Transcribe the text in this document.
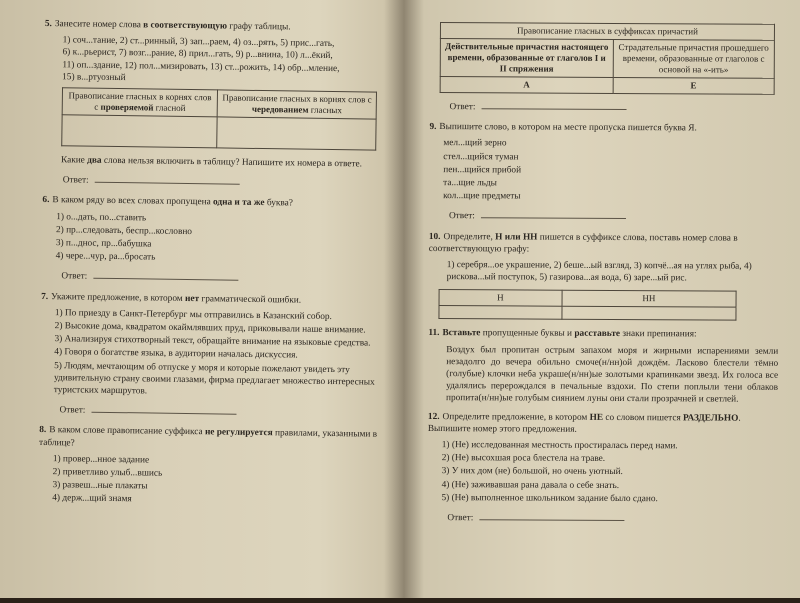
5. Занесите номер слова в соответствующую графу таблицы.
1) соч...тание, 2) ст...ринный, 3) зап...раем, 4) оз...рять, 5) прис...гать,
6) к...рьерист, 7) возг...рание, 8) прил...гать, 9) р...внина, 10) л...ёкий,
11) оп...здание, 12) пол...мизировать, 13) ст...рожить, 14) обр...мление,
15) в...ртуозный
Правописание гласных в корнях слов с проверяемой гласной	Правописание гласных в корнях слов с чередованием гласных

Какие два слова нельзя включить в таблицу? Напишите их номера в ответе.
Ответ:
6. В каком ряду во всех словах пропущена одна и та же буква?
1) о...дать, по...ставить
2) пр...следовать, беспр...кословно
3) п...днос, пр...бабушка
4) чере...чур, ра...бросать
Ответ:
7. Укажите предложение, в котором нет грамматической ошибки.
1) По приезду в Санкт-Петербург мы отправились в Казанский собор.
2) Высокие дома, квадратом окаймлявших пруд, приковывали наше внимание.
3) Анализируя стихотворный текст, обращайте внимание на языковые средства.
4) Говоря о богатстве языка, в аудитории началась дискуссия.
5) Людям, мечтающим об отпуске у моря и которые пожелают увидеть эту удивительную страну своими глазами, фирма предлагает множество интересных туристских маршрутов.
Ответ:
8. В каком слове правописание суффикса не регулируется правилами, указанными в таблице?
1) провер...нное задание
2) приветливо улыб...вшись
3) развеш...ные плакаты
4) держ...щий знамя
Правописание гласных в суффиксах причастий	
Действительные причастия настоящего времени, образованные от глаголов I и II спряжения	Страдательные причастия прошедшего времени, образованные от глаголов с основой на «-ить»
А	Е
Ответ:
9. Выпишите слово, в котором на месте пропуска пишется буква Я.
мел...щий зерно
стел...щийся туман
пен...щийся прибой
та...щие льды
кол...щие предметы
Ответ:
10. Определите, Н или НН пишется в суффиксе слова, поставь номер слова в соответствующую графу:
1) серебря...ое украшение, 2) беше...ый взгляд, 3) копчё...ая на углях рыба, 4) рискова...ый поступок, 5) газирова...ая вода, 6) заре...ый рис.
Н	НН

11. Вставьте пропущенные буквы и расставьте знаки препинания:
Воздух был пропитан острым запахом моря и жирными испарениями земли незадолго до вечера обильно смоче(н/нн)ой дождём. Ласково блестели тёмно (голубые) клочки неба украше(н/нн)ые золотыми крапинками звезд. Их голоса все удалялись перерождался в печальные вздохи. По степи поплыли тени облаков пропита(н/нн)ые голубым сиянием луны они стали прозрачней и светлей.
12. Определите предложение, в котором НЕ со словом пишется РАЗДЕЛЬНО. Выпишите номер этого предложения.
1) (Не) исследованная местность простиралась перед нами.
2) (Не) высохшая роса блестела на траве.
3) У них дом (не) большой, но очень уютный.
4) (Не) заживавшая рана давала о себе знать.
5) (Не) выполненное школьником задание было сдано.
Ответ:
